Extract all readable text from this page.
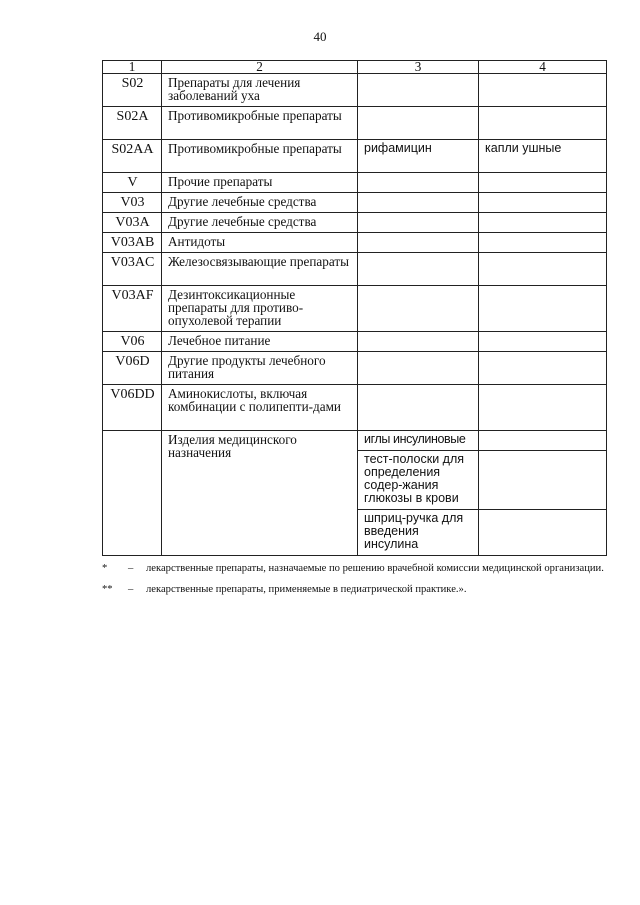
40
1	2	3	4
S02	Препараты для лечения заболеваний уха		
S02A	Противомикробные препараты		
S02AA	Противомикробные препараты	рифамицин	капли ушные
V	Прочие препараты		
V03	Другие лечебные средства		
V03A	Другие лечебные средства		
V03AB	Антидоты		
V03AC	Железосвязывающие препараты		
V03AF	Дезинтоксикационные препараты для противо-опухолевой терапии		
V06	Лечебное питание		
V06D	Другие продукты лечебного питания		
V06DD	Аминокислоты, включая комбинации с полипепти-дами		
	Изделия медицинского назначения	иглы инсулиновые	
		тест-полоски для определения содер-жания глюкозы в крови	
		шприц-ручка для введения инсулина	
* – лекарственные препараты, назначаемые по решению врачебной комиссии медицинской организации.
** – лекарственные препараты, применяемые в педиатрической практике.».
